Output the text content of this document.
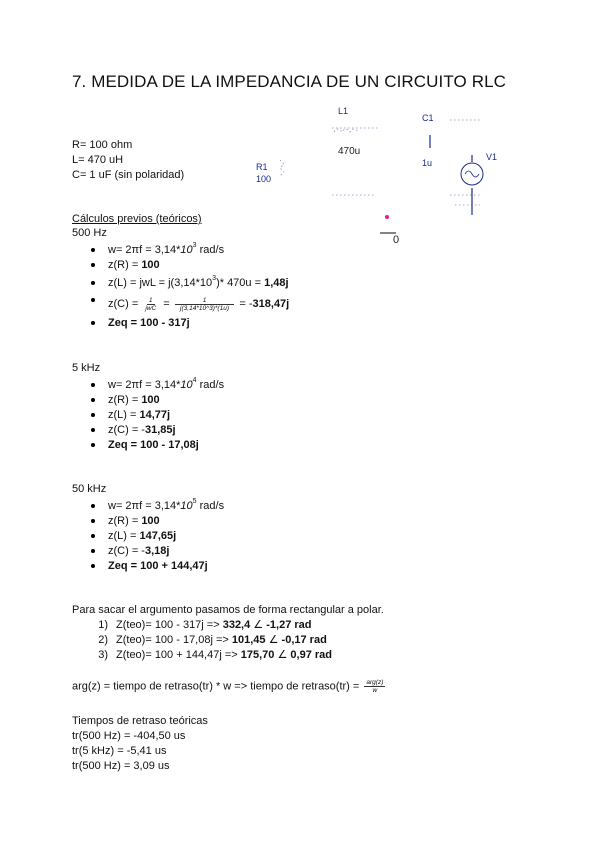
7. MEDIDA DE LA IMPEDANCIA DE UN CIRCUITO RLC
R= 100 ohm
L= 470 uH
C= 1 uF (sin polaridad)
L1
470u
C1
1u
R1
100
V1
0
Cálculos previos (teóricos)
500 Hz
$w= 2\pi f = 3,14*10^3$ rad/s
z(R) = 100
z(L) = jwL = $j(3,14*10^3)*$ 470u = 1,48j
$z(C) = \frac{1}{\text{jwC}} = \frac{1}{j(3,14*10\^{}3)*(1u)} = -318,47j$
Zeq = 100 - 317j
5 kHz
$w= 2\pi f = 3,14*10^4$ rad/s
z(R) = 100
z(L) = 14,77j
z(C) = -31,85j
Zeq = 100 - 17,08j
50 kHz
$w= 2\pi f = 3,14*10^5$ rad/s
z(R) = 100
z(L) = 147,65j
z(C) = -3,18j
Zeq = 100 + 144,47j
Para sacar el argumento pasamos de forma rectangular a polar.
1) Z(teo)= 100 - 317j => 332,4 ∠ -1,27 rad
2) Z(teo)= 100 - 17,08j => 101,45 ∠ -0,17 rad
3) Z(teo)= 100 + 144,47j => 175,70 ∠ 0,97 rad
arg(z) = tiempo de retraso(tr) * w => tiempo de retraso(tr) = $\frac{\text{arg(z)}}{w}$
Tiempos de retraso teóricas
tr(500 Hz) = -404,50 us
tr(5 kHz) = -5,41 us
tr(500 Hz) = 3,09 us
